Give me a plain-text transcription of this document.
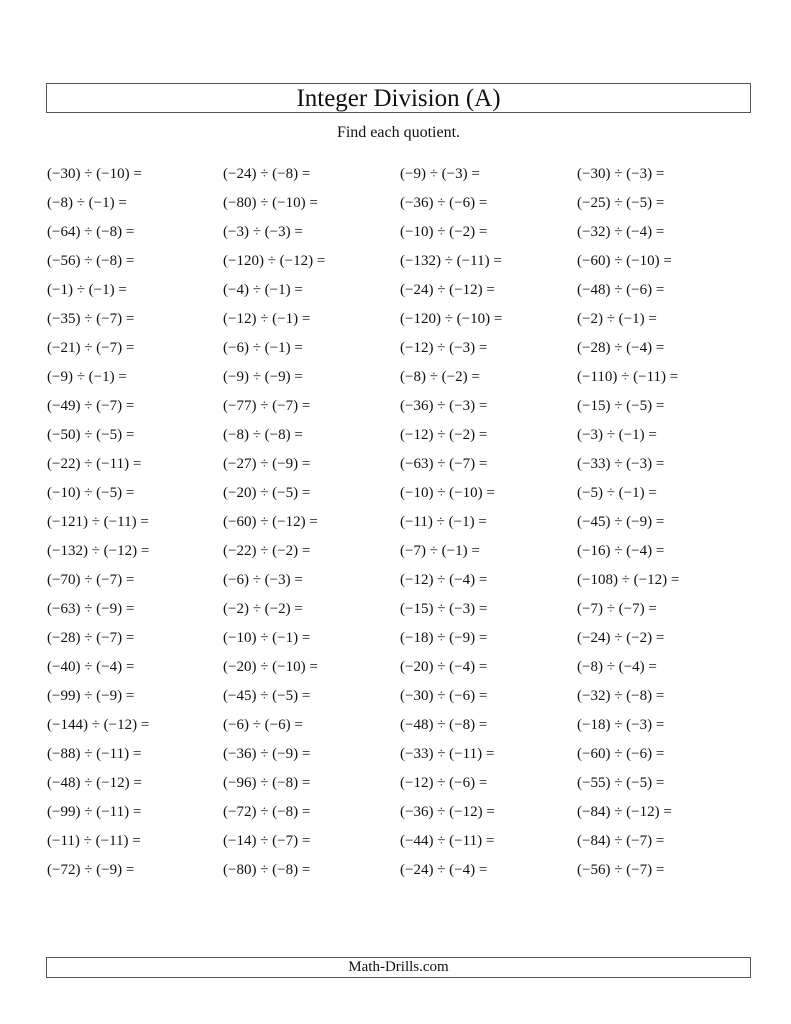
Integer Division (A)
Find each quotient.
(−30) ÷ (−10) =	(−24) ÷ (−8) =	(−9) ÷ (−3) =	(−30) ÷ (−3) =
(−8) ÷ (−1) =	(−80) ÷ (−10) =	(−36) ÷ (−6) =	(−25) ÷ (−5) =
(−64) ÷ (−8) =	(−3) ÷ (−3) =	(−10) ÷ (−2) =	(−32) ÷ (−4) =
(−56) ÷ (−8) =	(−120) ÷ (−12) =	(−132) ÷ (−11) =	(−60) ÷ (−10) =
(−1) ÷ (−1) =	(−4) ÷ (−1) =	(−24) ÷ (−12) =	(−48) ÷ (−6) =
(−35) ÷ (−7) =	(−12) ÷ (−1) =	(−120) ÷ (−10) =	(−2) ÷ (−1) =
(−21) ÷ (−7) =	(−6) ÷ (−1) =	(−12) ÷ (−3) =	(−28) ÷ (−4) =
(−9) ÷ (−1) =	(−9) ÷ (−9) =	(−8) ÷ (−2) =	(−110) ÷ (−11) =
(−49) ÷ (−7) =	(−77) ÷ (−7) =	(−36) ÷ (−3) =	(−15) ÷ (−5) =
(−50) ÷ (−5) =	(−8) ÷ (−8) =	(−12) ÷ (−2) =	(−3) ÷ (−1) =
(−22) ÷ (−11) =	(−27) ÷ (−9) =	(−63) ÷ (−7) =	(−33) ÷ (−3) =
(−10) ÷ (−5) =	(−20) ÷ (−5) =	(−10) ÷ (−10) =	(−5) ÷ (−1) =
(−121) ÷ (−11) =	(−60) ÷ (−12) =	(−11) ÷ (−1) =	(−45) ÷ (−9) =
(−132) ÷ (−12) =	(−22) ÷ (−2) =	(−7) ÷ (−1) =	(−16) ÷ (−4) =
(−70) ÷ (−7) =	(−6) ÷ (−3) =	(−12) ÷ (−4) =	(−108) ÷ (−12) =
(−63) ÷ (−9) =	(−2) ÷ (−2) =	(−15) ÷ (−3) =	(−7) ÷ (−7) =
(−28) ÷ (−7) =	(−10) ÷ (−1) =	(−18) ÷ (−9) =	(−24) ÷ (−2) =
(−40) ÷ (−4) =	(−20) ÷ (−10) =	(−20) ÷ (−4) =	(−8) ÷ (−4) =
(−99) ÷ (−9) =	(−45) ÷ (−5) =	(−30) ÷ (−6) =	(−32) ÷ (−8) =
(−144) ÷ (−12) =	(−6) ÷ (−6) =	(−48) ÷ (−8) =	(−18) ÷ (−3) =
(−88) ÷ (−11) =	(−36) ÷ (−9) =	(−33) ÷ (−11) =	(−60) ÷ (−6) =
(−48) ÷ (−12) =	(−96) ÷ (−8) =	(−12) ÷ (−6) =	(−55) ÷ (−5) =
(−99) ÷ (−11) =	(−72) ÷ (−8) =	(−36) ÷ (−12) =	(−84) ÷ (−12) =
(−11) ÷ (−11) =	(−14) ÷ (−7) =	(−44) ÷ (−11) =	(−84) ÷ (−7) =
(−72) ÷ (−9) =	(−80) ÷ (−8) =	(−24) ÷ (−4) =	(−56) ÷ (−7) =
Math-Drills.com
